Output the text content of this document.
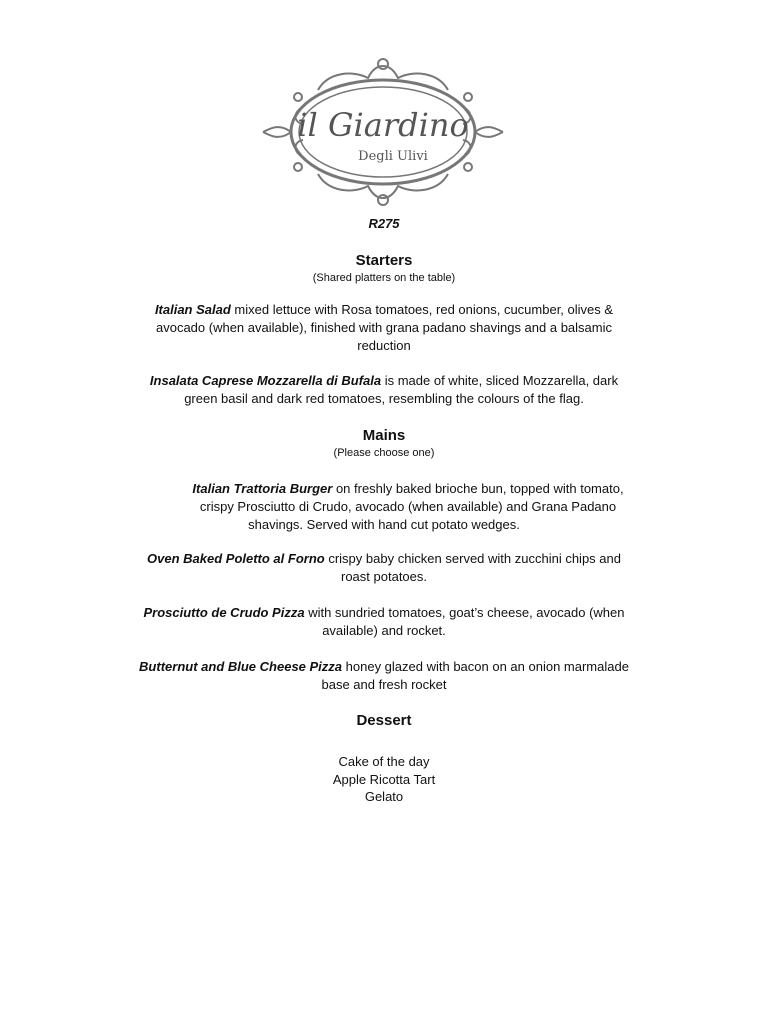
il Giardino
Degli Ulivi
R275
Starters
(Shared platters on the table)
Italian Salad mixed lettuce with Rosa tomatoes, red onions, cucumber, olives &
avocado (when available), finished with grana padano shavings and a balsamic
reduction
Insalata Caprese Mozzarella di Bufala is made of white, sliced Mozzarella, dark
green basil and dark red tomatoes, resembling the colours of the flag.
Mains
(Please choose one)
Italian Trattoria Burger on freshly baked brioche bun, topped with tomato,
crispy Prosciutto di Crudo, avocado (when available) and Grana Padano
shavings. Served with hand cut potato wedges.
Oven Baked Poletto al Forno crispy baby chicken served with zucchini chips and
roast potatoes.
Prosciutto de Crudo Pizza with sundried tomatoes, goat’s cheese, avocado (when
available) and rocket.
Butternut and Blue Cheese Pizza honey glazed with bacon on an onion marmalade
base and fresh rocket
Dessert
Cake of the day
Apple Ricotta Tart
Gelato
